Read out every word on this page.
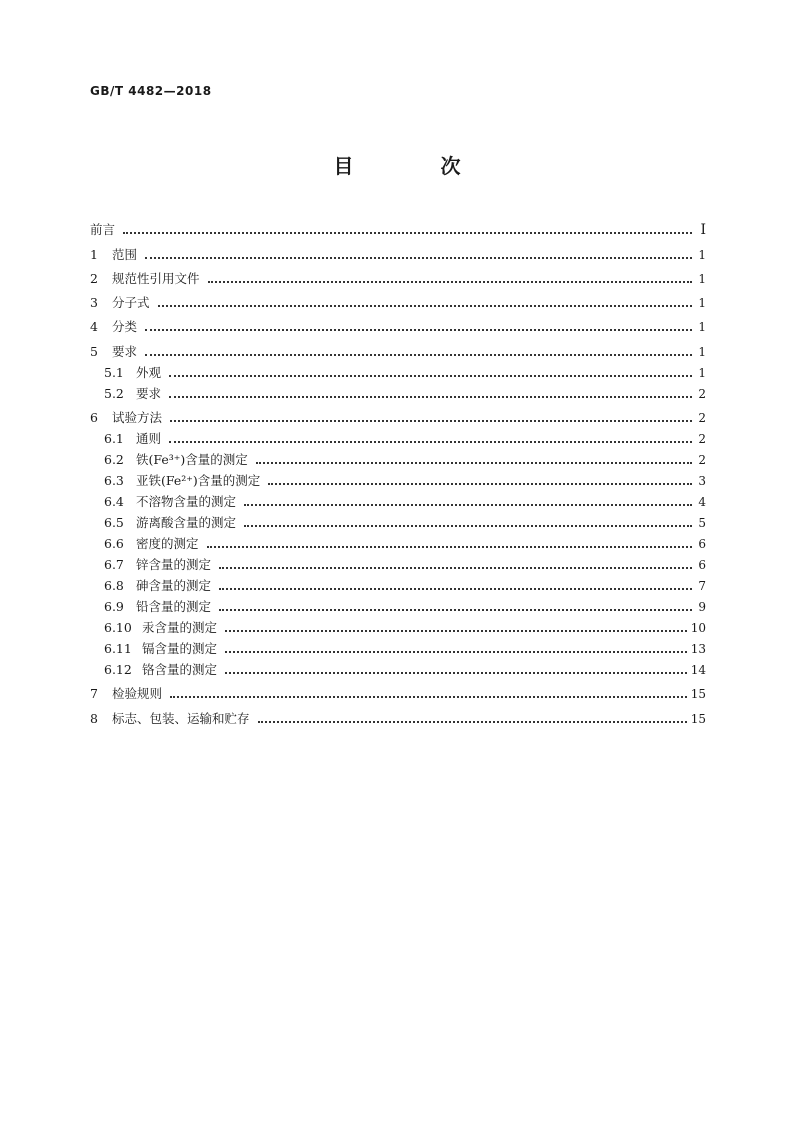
GB/T 4482—2018
目 次
前言	I
1	范围	1
2	规范性引用文件	1
3	分子式	1
4	分类	1
5	要求	1
5.1 外观	1
5.2 要求	2
6	试验方法	2
6.1 通则	2
6.2 铁(Fe³⁺)含量的测定	2
6.3 亚铁(Fe²⁺)含量的测定	3
6.4 不溶物含量的测定	4
6.5 游离酸含量的测定	5
6.6 密度的测定	6
6.7 锌含量的测定	6
6.8 砷含量的测定	7
6.9 铅含量的测定	9
6.10 汞含量的测定	10
6.11 镉含量的测定	13
6.12 铬含量的测定	14
7	检验规则	15
8	标志、包装、运输和贮存	15
